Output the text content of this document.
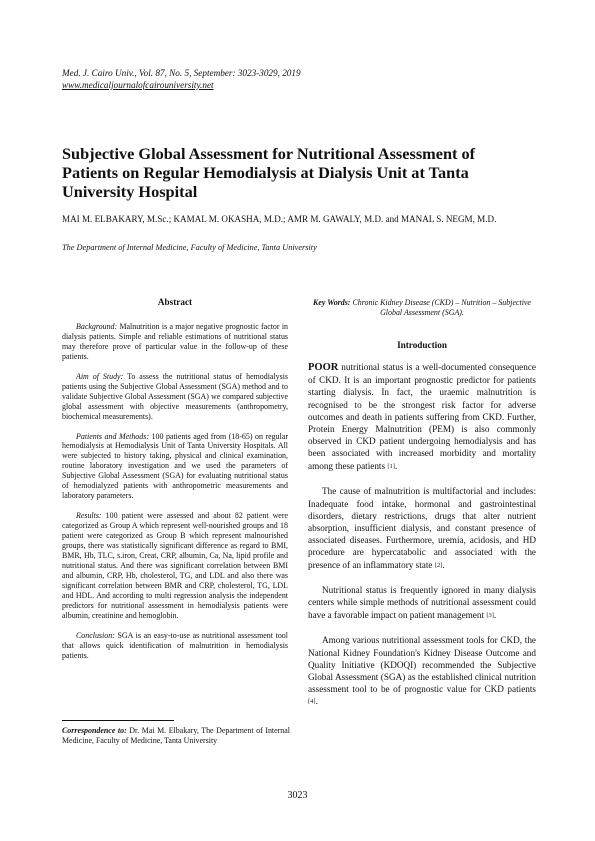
Med. J. Cairo Univ., Vol. 87, No. 5, September: 3023-3029, 2019
www.medicaljournalofcairouniversity.net
Subjective Global Assessment for Nutritional Assessment of Patients on Regular Hemodialysis at Dialysis Unit at Tanta University Hospital
MAI M. ELBAKARY, M.Sc.; KAMAL M. OKASHA, M.D.; AMR M. GAWALY, M.D. and MANAL S. NEGM, M.D.
The Department of Internal Medicine, Faculty of Medicine, Tanta University
Abstract

Background: Malnutrition is a major negative prognostic factor in dialysis patients. Simple and reliable estimations of nutritional status may therefore prove of particular value in the follow-up of these patients.

Aim of Study: To assess the nutritional status of hemodialysis patients using the Subjective Global Assessment (SGA) method and to validate Subjective Global Assessment (SGA) we compared subjective global assessment with objective measurements (anthropometry, biochemical measurements).

Patients and Methods: 100 patients aged from (18-65) on regular hemodialysis at Hemodialysis Unit of Tanta University Hospitals. All were subjected to history taking, physical and clinical examination, routine laboratory investigation and we used the parameters of Subjective Global Assessment (SGA) for evaluating nutritional status of hemodialyzed patients with anthropometric measurements and laboratory parameters.

Results: 100 patient were assessed and about 82 patient were categorized as Group A which represent well-nourished groups and 18 patient were categorized as Group B which represent malnourished groups, there was statistically significant difference as regard to BMI, BMR, Hb, TLC, s.iron, Creat, CRP, albumin, Ca, Na, lipid profile and nutritional status. And there was significant correlation between BMI and albumin, CRP, Hb, cholesterol, TG, and LDL and also there was significant correlation between BMR and CRP, cholesterol, TG, LDL and HDL. And according to multi regression analysis the independent predictors for nutritional assessment in hemodialysis patients were albumin, creatinine and hemoglobin.

Conclusion: SGA is an easy-to-use as nutritional assessment tool that allows quick identification of malnutrition in hemodialysis patients.

Correspondence to: Dr. Mai M. Elbakary, The Department of Internal Medicine, Faculty of Medicine, Tanta University
Key Words: Chronic Kidney Disease (CKD) – Nutrition – Subjective Global Assessment (SGA).
Introduction

POOR nutritional status is a well-documented consequence of CKD. It is an important prognostic predictor for patients starting dialysis. In fact, the uraemic malnutrition is recognised to be the strongest risk factor for adverse outcomes and death in patients suffering from CKD. Further, Protein Energy Malnutrition (PEM) is also commonly observed in CKD patient undergoing hemodialysis and has been associated with increased morbidity and mortality among these patients [1].

The cause of malnutrition is multifactorial and includes: Inadequate food intake, hormonal and gastrointestinal disorders, dietary restrictions, drugs that alter nutrient absorption, insufficient dialysis, and constant presence of associated diseases. Furthermore, uremia, acidosis, and HD procedure are hypercatabolic and associated with the presence of an inflammatory state [2].

Nutritional status is frequently ignored in many dialysis centers while simple methods of nutritional assessment could have a favorable impact on patient management [3].

Among various nutritional assessment tools for CKD, the National Kidney Foundation's Kidney Disease Outcome and Quality Initiative (KDOQI) recommended the Subjective Global Assessment (SGA) as the established clinical nutrition assessment tool to be of prognostic value for CKD patients [4].

3023
